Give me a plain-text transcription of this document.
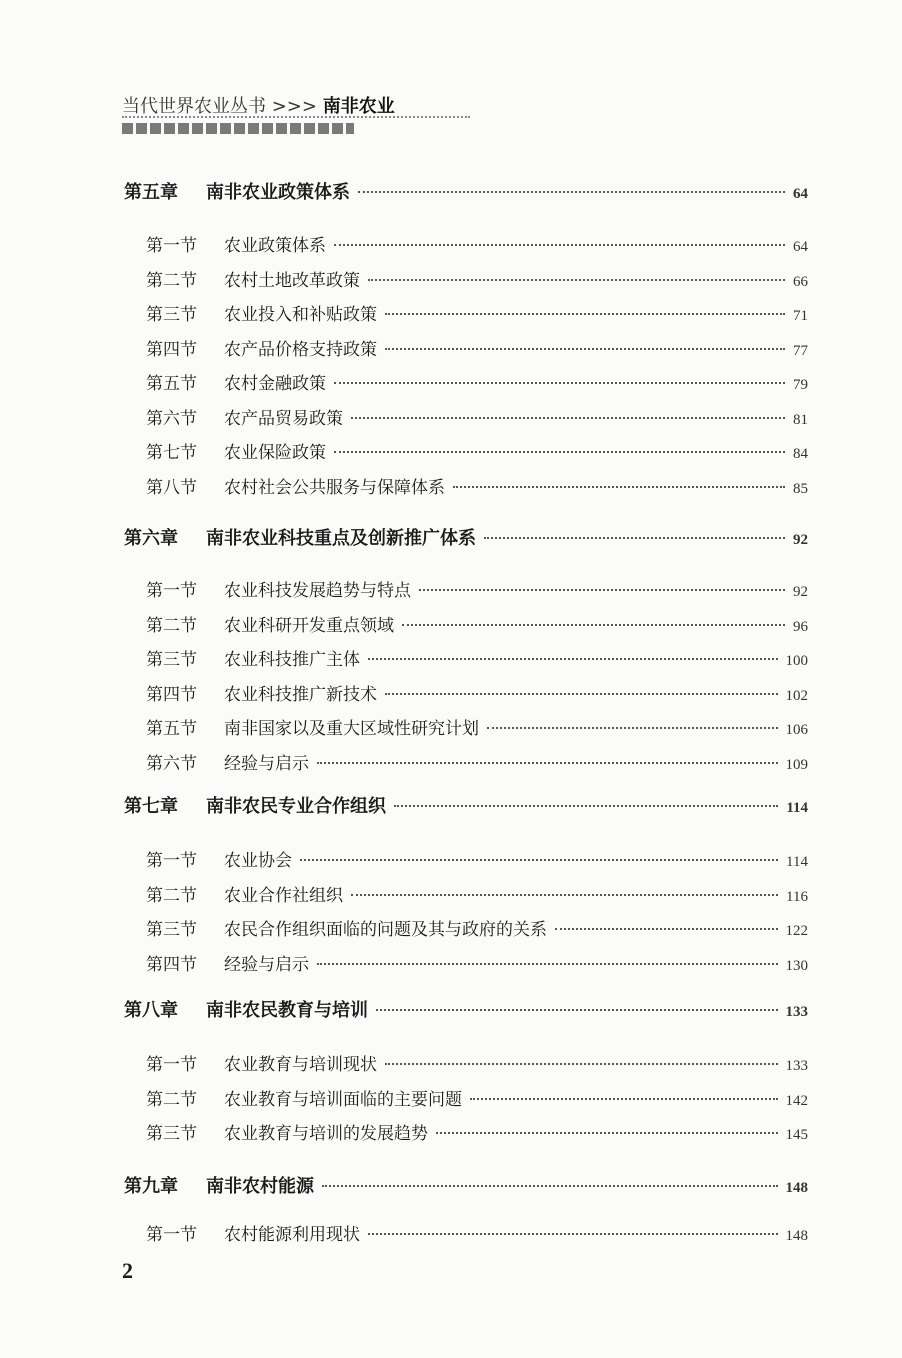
当代世界农业丛书 >>> 南非农业
第五章	南非农业政策体系	64
第一节	农业政策体系	64
第二节	农村土地改革政策	66
第三节	农业投入和补贴政策	71
第四节	农产品价格支持政策	77
第五节	农村金融政策	79
第六节	农产品贸易政策	81
第七节	农业保险政策	84
第八节	农村社会公共服务与保障体系	85
第六章	南非农业科技重点及创新推广体系	92
第一节	农业科技发展趋势与特点	92
第二节	农业科研开发重点领域	96
第三节	农业科技推广主体	100
第四节	农业科技推广新技术	102
第五节	南非国家以及重大区域性研究计划	106
第六节	经验与启示	109
第七章	南非农民专业合作组织	114
第一节	农业协会	114
第二节	农业合作社组织	116
第三节	农民合作组织面临的问题及其与政府的关系	122
第四节	经验与启示	130
第八章	南非农民教育与培训	133
第一节	农业教育与培训现状	133
第二节	农业教育与培训面临的主要问题	142
第三节	农业教育与培训的发展趋势	145
第九章	南非农村能源	148
第一节	农村能源利用现状	148
2
